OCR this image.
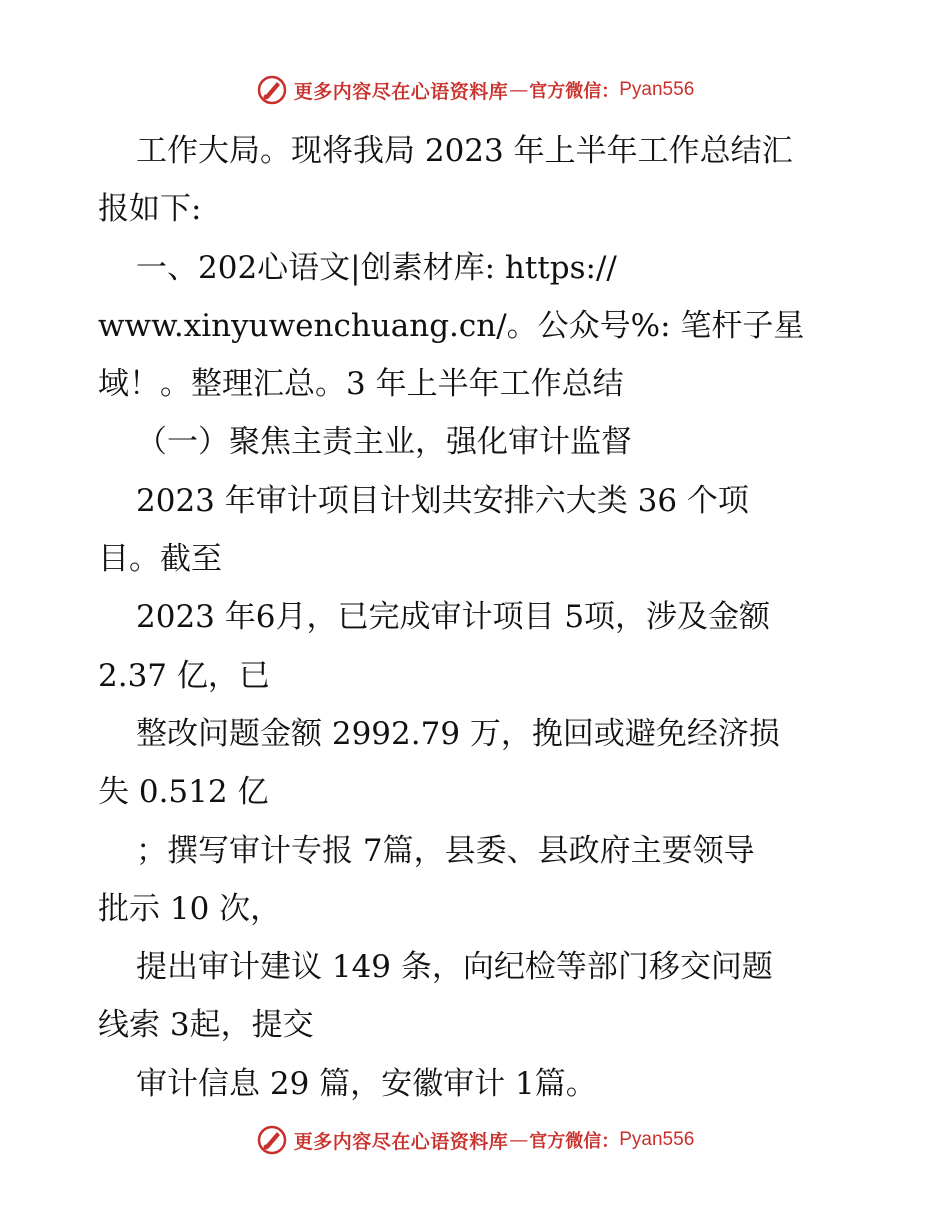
更多内容尽在心语资料库 — 官方微信： Pyan556
工作大局。现将我局 2023 年上半年工作总结汇
报如下:
一、202心语文|创素材库: https://
www.xinyuwenchuang.cn/。公众号%: 笔杆子星
域！。整理汇总。3 年上半年工作总结
（一）聚焦主责主业，强化审计监督
2023 年审计项目计划共安排六大类 36 个项
目。截至
2023 年6月，已完成审计项目 5项，涉及金额
2.37 亿，已
整改问题金额 2992.79 万，挽回或避免经济损
失 0.512 亿
；撰写审计专报 7篇，县委、县政府主要领导
批示 10 次，
提出审计建议 149 条，向纪检等部门移交问题
线索 3起，提交
审计信息 29 篇，安徽审计 1篇。
更多内容尽在心语资料库 — 官方微信： Pyan556
